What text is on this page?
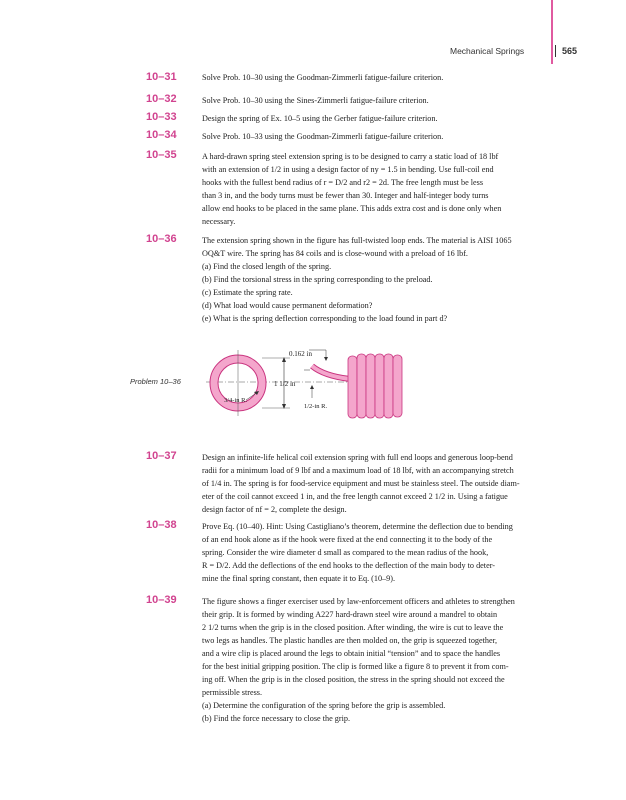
Mechanical Springs	565
10–31	Solve Prob. 10–30 using the Goodman-Zimmerli fatigue-failure criterion.
10–32	Solve Prob. 10–30 using the Sines-Zimmerli fatigue-failure criterion.
10–33	Design the spring of Ex. 10–5 using the Gerber fatigue-failure criterion.
10–34	Solve Prob. 10–33 using the Goodman-Zimmerli fatigue-failure criterion.
10–35	A hard-drawn spring steel extension spring is to be designed to carry a static load of 18 lbf
with an extension of 1/2 in using a design factor of ny = 1.5 in bending. Use full-coil end
hooks with the fullest bend radius of r = D/2 and r2 = 2d. The free length must be less
than 3 in, and the body turns must be fewer than 30. Integer and half-integer body turns
allow end hooks to be placed in the same plane. This adds extra cost and is done only when
necessary.
10–36	The extension spring shown in the figure has full-twisted loop ends. The material is AISI 1065
OQ&T wire. The spring has 84 coils and is close-wound with a preload of 16 lbf.
(a) Find the closed length of the spring.
(b) Find the torsional stress in the spring corresponding to the preload.
(c) Estimate the spring rate.
(d) What load would cause permanent deformation?
(e) What is the spring deflection corresponding to the load found in part d?
Problem 10–36
0.162 in
1 1/2 in
3/4-in R.
1/2-in R.
10–37	Design an infinite-life helical coil extension spring with full end loops and generous loop-bend
radii for a minimum load of 9 lbf and a maximum load of 18 lbf, with an accompanying stretch
of 1/4 in. The spring is for food-service equipment and must be stainless steel. The outside diam-
eter of the coil cannot exceed 1 in, and the free length cannot exceed 2 1/2 in. Using a fatigue
design factor of nf = 2, complete the design.
10–38	Prove Eq. (10–40). Hint: Using Castigliano’s theorem, determine the deflection due to bending
of an end hook alone as if the hook were fixed at the end connecting it to the body of the
spring. Consider the wire diameter d small as compared to the mean radius of the hook,
R = D/2. Add the deflections of the end hooks to the deflection of the main body to deter-
mine the final spring constant, then equate it to Eq. (10–9).
10–39	The figure shows a finger exerciser used by law-enforcement officers and athletes to strengthen
their grip. It is formed by winding A227 hard-drawn steel wire around a mandrel to obtain
2 1/2 turns when the grip is in the closed position. After winding, the wire is cut to leave the
two legs as handles. The plastic handles are then molded on, the grip is squeezed together,
and a wire clip is placed around the legs to obtain initial “tension” and to space the handles
for the best initial gripping position. The clip is formed like a figure 8 to prevent it from com-
ing off. When the grip is in the closed position, the stress in the spring should not exceed the
permissible stress.
(a) Determine the configuration of the spring before the grip is assembled.
(b) Find the force necessary to close the grip.
